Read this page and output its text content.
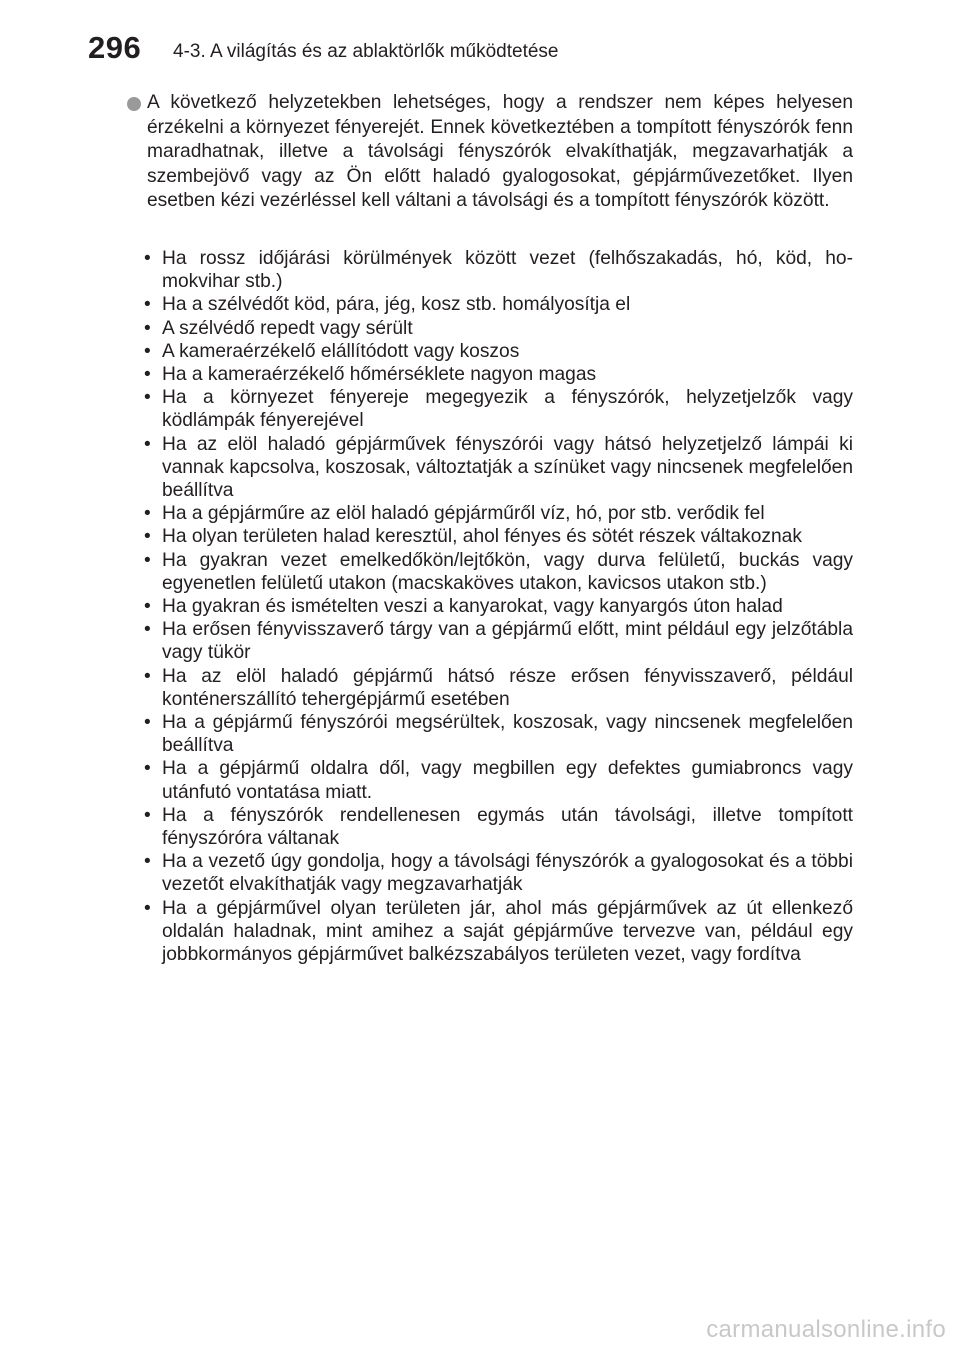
296 4-3. A világítás és az ablaktörlők működtetése

A következő helyzetekben lehetséges, hogy a rendszer nem képes helyesen érzékelni a környezet fényerejét. Ennek következtében a tompított fényszórók fenn maradhatnak, illetve a távolsági fényszórók elvakíthatják, megzavarhatják a szembejövő vagy az Ön előtt haladó gyalogosokat, gépjárművezetőket. Ilyen esetben kézi vezérléssel kell váltani a távolsági és a tompított fényszórók között.

• Ha rossz időjárási körülmények között vezet (felhőszakadás, hó, köd, homokvihar stb.)
• Ha a szélvédőt köd, pára, jég, kosz stb. homályosítja el
• A szélvédő repedt vagy sérült
• A kameraérzékelő elállítódott vagy koszos
• Ha a kameraérzékelő hőmérséklete nagyon magas
• Ha a környezet fényereje megegyezik a fényszórók, helyzetjelzők vagy ködlámpák fényerejével
• Ha az elöl haladó gépjárművek fényszórói vagy hátsó helyzetjelző lámpái ki vannak kapcsolva, koszosak, változtatják a színüket vagy nincsenek megfelelően beállítva
• Ha a gépjárműre az elöl haladó gépjárműről víz, hó, por stb. verődik fel
• Ha olyan területen halad keresztül, ahol fényes és sötét részek váltakoznak
• Ha gyakran vezet emelkedőkön/lejtőkön, vagy durva felületű, buckás vagy egyenetlen felületű utakon (macskaköves utakon, kavicsos utakon stb.)
• Ha gyakran és ismételten veszi a kanyarokat, vagy kanyargós úton halad
• Ha erősen fényvisszaverő tárgy van a gépjármű előtt, mint például egy jelzőtábla vagy tükör
• Ha az elöl haladó gépjármű hátsó része erősen fényvisszaverő, például konténerszállító tehergépjármű esetében
• Ha a gépjármű fényszórói megsérültek, koszosak, vagy nincsenek megfelelően beállítva
• Ha a gépjármű oldalra dől, vagy megbillen egy defektes gumiabroncs vagy utánfutó vontatása miatt.
• Ha a fényszórók rendellenesen egymás után távolsági, illetve tompított fényszóróra váltanak
• Ha a vezető úgy gondolja, hogy a távolsági fényszórók a gyalogosokat és a többi vezetőt elvakíthatják vagy megzavarhatják
• Ha a gépjárművel olyan területen jár, ahol más gépjárművek az út ellenkező oldalán haladnak, mint amihez a saját gépjárműve tervezve van, például egy jobbkormányos gépjárművet balkézszabályos területen vezet, vagy fordítva
carmanualsonline.info
